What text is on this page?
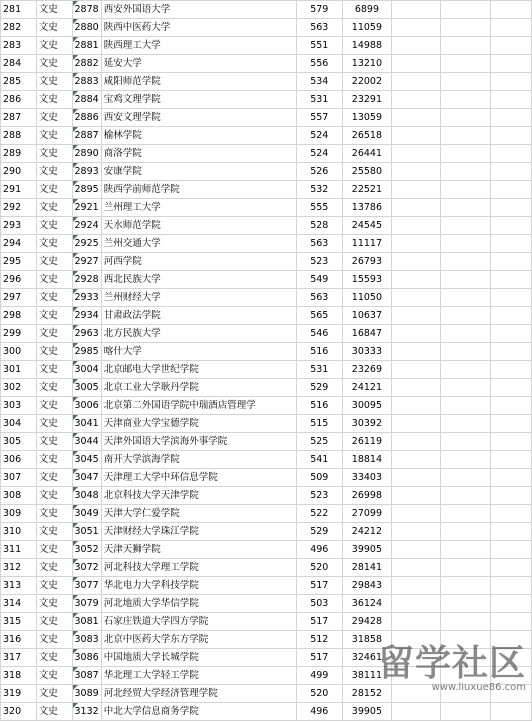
281	文史	2878	西安外国语大学	579	6899			
282	文史	2880	陕西中医药大学	563	11059			
283	文史	2881	陕西理工大学	551	14988			
284	文史	2882	延安大学	556	13210			
285	文史	2883	咸阳师范学院	534	22002			
286	文史	2884	宝鸡文理学院	531	23291			
287	文史	2886	西安文理学院	557	13059			
288	文史	2887	榆林学院	524	26518			
289	文史	2890	商洛学院	524	26441			
290	文史	2893	安康学院	526	25580			
291	文史	2895	陕西学前师范学院	532	22521			
292	文史	2921	兰州理工大学	555	13786			
293	文史	2924	天水师范学院	528	24545			
294	文史	2925	兰州交通大学	563	11117			
295	文史	2927	河西学院	523	26793			
296	文史	2928	西北民族大学	549	15593			
297	文史	2933	兰州财经大学	563	11050			
298	文史	2934	甘肃政法学院	565	10637			
299	文史	2963	北方民族大学	546	16847			
300	文史	2985	喀什大学	516	30333			
301	文史	3004	北京邮电大学世纪学院	531	23269			
302	文史	3005	北京工业大学耿丹学院	529	24121			
303	文史	3006	北京第二外国语学院中瑞酒店管理学	516	30095			
304	文史	3041	天津商业大学宝德学院	515	30392			
305	文史	3044	天津外国语大学滨海外事学院	525	26119			
306	文史	3045	南开大学滨海学院	541	18814			
307	文史	3047	天津理工大学中环信息学院	509	33403			
308	文史	3048	北京科技大学天津学院	523	26998			
309	文史	3049	天津大学仁爱学院	522	27099			
310	文史	3051	天津财经大学珠江学院	529	24212			
311	文史	3052	天津天狮学院	496	39905			
312	文史	3072	河北科技大学理工学院	520	28141			
313	文史	3077	华北电力大学科技学院	517	29843			
314	文史	3079	河北地质大学华信学院	503	36124			
315	文史	3081	石家庄铁道大学四方学院	517	29428			
316	文史	3083	北京中医药大学东方学院	512	31858			
317	文史	3086	中国地质大学长城学院	517	32461			
318	文史	3087	华北理工大学轻工学院	499	38111			
319	文史	3089	河北经贸大学经济管理学院	520	28152			
320	文史	3132	中北大学信息商务学院	496	39905			
留学社区
www.liuxue86.com
